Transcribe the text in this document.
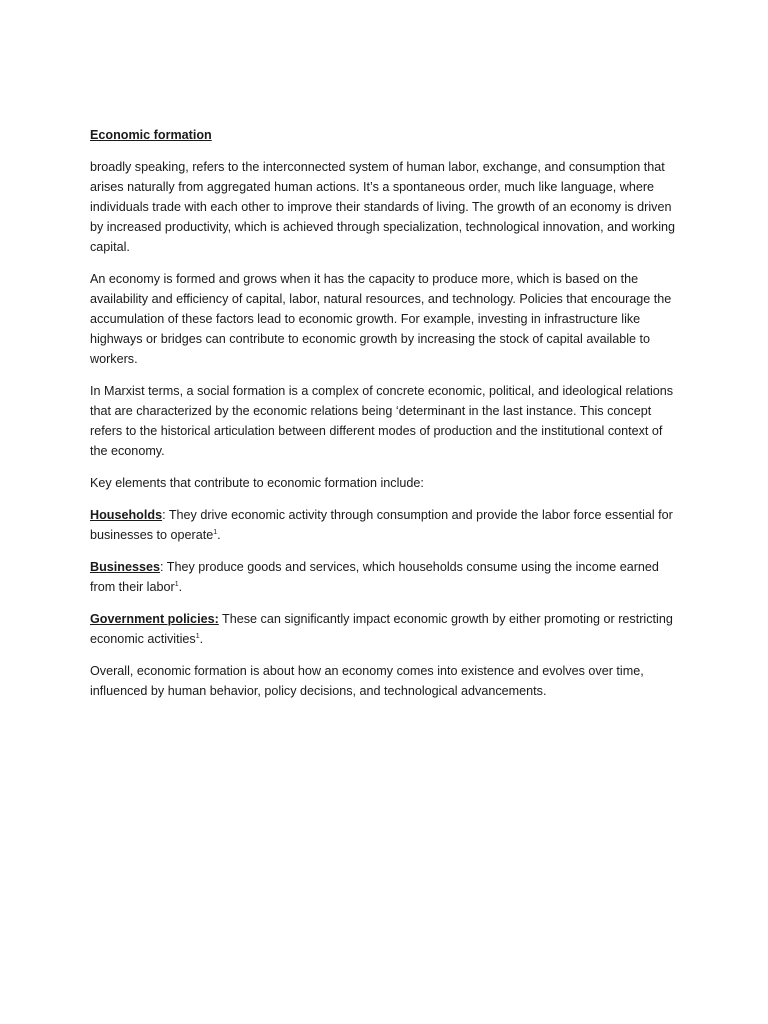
Economic formation

broadly speaking, refers to the interconnected system of human labor, exchange, and consumption that arises naturally from aggregated human actions. It’s a spontaneous order, much like language, where individuals trade with each other to improve their standards of living. The growth of an economy is driven by increased productivity, which is achieved through specialization, technological innovation, and working capital.

An economy is formed and grows when it has the capacity to produce more, which is based on the availability and efficiency of capital, labor, natural resources, and technology. Policies that encourage the accumulation of these factors lead to economic growth. For example, investing in infrastructure like highways or bridges can contribute to economic growth by increasing the stock of capital available to workers.

In Marxist terms, a social formation is a complex of concrete economic, political, and ideological relations that are characterized by the economic relations being ‘determinant in the last instance. This concept refers to the historical articulation between different modes of production and the institutional context of the economy.

Key elements that contribute to economic formation include:

Households: They drive economic activity through consumption and provide the labor force essential for businesses to operate$^1$.

Businesses: They produce goods and services, which households consume using the income earned from their labor$^1$.

Government policies: These can significantly impact economic growth by either promoting or restricting economic activities$^1$.

Overall, economic formation is about how an economy comes into existence and evolves over time, influenced by human behavior, policy decisions, and technological advancements.
